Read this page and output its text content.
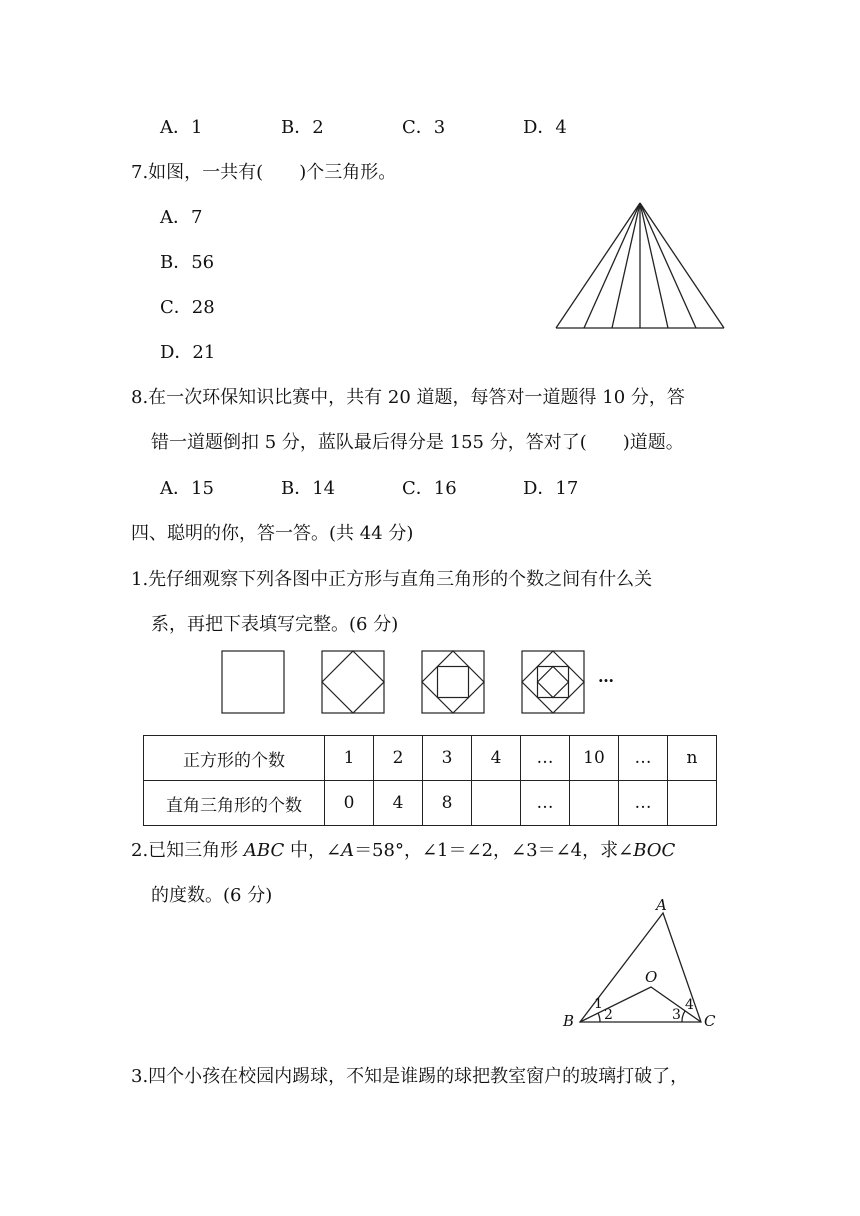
A．1	B．2	C．3	D．4
7.如图，一共有(　　)个三角形。
A．7
B．56
C．28
D．21
8.在一次环保知识比赛中，共有 20 道题，每答对一道题得 10 分，答
错一道题倒扣 5 分，蓝队最后得分是 155 分，答对了(　　)道题。
A．15	B．14	C．16	D．17
四、聪明的你，答一答。(共 44 分)
1.先仔细观察下列各图中正方形与直角三角形的个数之间有什么关
系，再把下表填写完整。(6 分)
…
正方形的个数	1	2	3	4	…	10	…	n
直角三角形的个数	0	4	8		…		…	
2.已知三角形 ABC 中，∠A＝58°，∠1＝∠2，∠3＝∠4，求∠BOC
的度数。(6 分)	A
O
B	C
1
2	3
4
3.四个小孩在校园内踢球，不知是谁踢的球把教室窗户的玻璃打破了，
